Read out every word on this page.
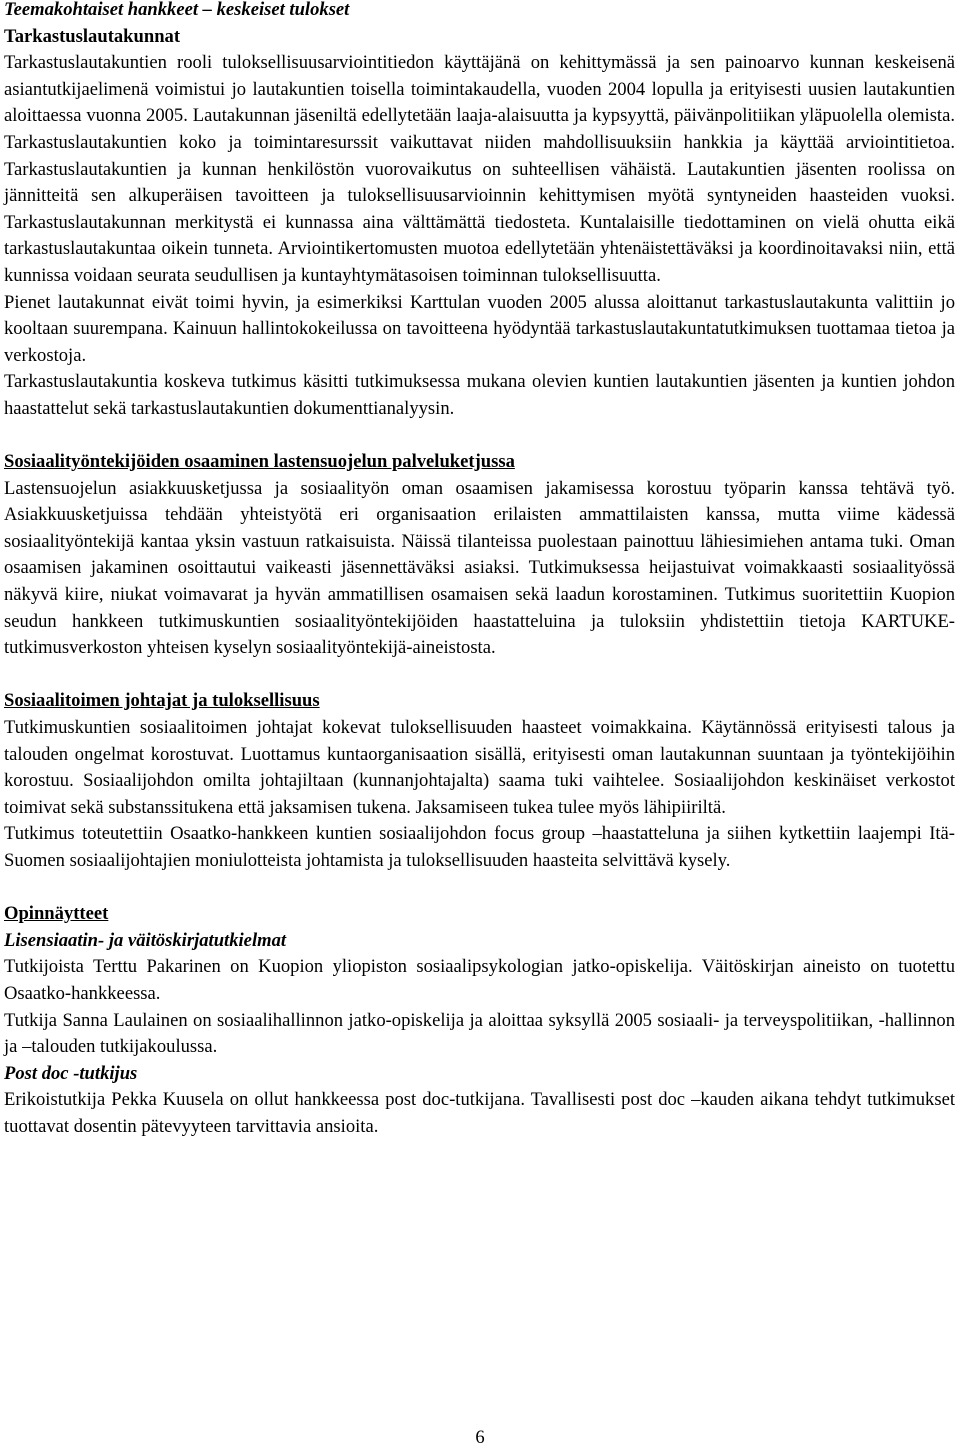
Teemakohtaiset hankkeet – keskeiset tulokset
Tarkastuslautakunnat

Tarkastuslautakuntien rooli tuloksellisuusarviointitiedon käyttäjänä on kehittymässä ja sen painoarvo kunnan keskeisenä asiantutkijaelimenä voimistui jo lautakuntien toisella toimintakaudella, vuoden 2004 lopulla ja erityisesti uusien lautakuntien aloittaessa vuonna 2005. Lautakunnan jäseniltä edellytetään laaja-alaisuutta ja kypsyyttä, päivänpolitiikan yläpuolella olemista. Tarkastuslautakuntien koko ja toimintaresurssit vaikuttavat niiden mahdollisuuksiin hankkia ja käyttää arviointitietoa. Tarkastuslautakuntien ja kunnan henkilöstön vuorovaikutus on suhteellisen vähäistä. Lautakuntien jäsenten roolissa on jännitteitä sen alkuperäisen tavoitteen ja tuloksellisuusarvioinnin kehittymisen myötä syntyneiden haasteiden vuoksi. Tarkastuslautakunnan merkitystä ei kunnassa aina välttämättä tiedosteta. Kuntalaisille tiedottaminen on vielä ohutta eikä tarkastuslautakuntaa oikein tunneta. Arviointikertomusten muotoa edellytetään yhtenäistettäväksi ja koordinoitavaksi niin, että kunnissa voidaan seurata seudullisen ja kuntayhtymätasoisen toiminnan tuloksellisuutta.

Pienet lautakunnat eivät toimi hyvin, ja esimerkiksi Karttulan vuoden 2005 alussa aloittanut tarkastuslautakunta valittiin jo kooltaan suurempana. Kainuun hallintokokeilussa on tavoitteena hyödyntää tarkastuslautakuntatutkimuksen tuottamaa tietoa ja verkostoja.

Tarkastuslautakuntia koskeva tutkimus käsitti tutkimuksessa mukana olevien kuntien lautakuntien jäsenten ja kuntien johdon haastattelut sekä tarkastuslautakuntien dokumenttianalyysin.

Sosiaalityöntekijöiden osaaminen lastensuojelun palveluketjussa

Lastensuojelun asiakkuusketjussa ja sosiaalityön oman osaamisen jakamisessa korostuu työparin kanssa tehtävä työ. Asiakkuusketjuissa tehdään yhteistyötä eri organisaation erilaisten ammattilaisten kanssa, mutta viime kädessä sosiaalityöntekijä kantaa yksin vastuun ratkaisuista. Näissä tilanteissa puolestaan painottuu lähiesimiehen antama tuki. Oman osaamisen jakaminen osoittautui vaikeasti jäsennettäväksi asiaksi. Tutkimuksessa heijastuivat voimakkaasti sosiaalityössä näkyvä kiire, niukat voimavarat ja hyvän ammatillisen osamaisen sekä laadun korostaminen. Tutkimus suoritettiin Kuopion seudun hankkeen tutkimuskuntien sosiaalityöntekijöiden haastatteluina ja tuloksiin yhdistettiin tietoja KARTUKE-tutkimusverkoston yhteisen kyselyn sosiaalityöntekijä-aineistosta.

Sosiaalitoimen johtajat ja tuloksellisuus

Tutkimuskuntien sosiaalitoimen johtajat kokevat tuloksellisuuden haasteet voimakkaina. Käytännössä erityisesti talous ja talouden ongelmat korostuvat. Luottamus kuntaorganisaation sisällä, erityisesti oman lautakunnan suuntaan ja työntekijöihin korostuu. Sosiaalijohdon omilta johtajiltaan (kunnanjohtajalta) saama tuki vaihtelee. Sosiaalijohdon keskinäiset verkostot toimivat sekä substanssitukena että jaksamisen tukena. Jaksamiseen tukea tulee myös lähipiiriltä.

Tutkimus toteutettiin Osaatko-hankkeen kuntien sosiaalijohdon focus group –haastatteluna ja siihen kytkettiin laajempi Itä-Suomen sosiaalijohtajien moniulotteista johtamista ja tuloksellisuuden haasteita selvittävä kysely.

Opinnäytteet
Lisensiaatin- ja väitöskirjatutkielmat

Tutkijoista Terttu Pakarinen on Kuopion yliopiston sosiaalipsykologian jatko-opiskelija. Väitöskirjan aineisto on tuotettu Osaatko-hankkeessa.

Tutkija Sanna Laulainen on sosiaalihallinnon jatko-opiskelija ja aloittaa syksyllä 2005 sosiaali- ja terveyspolitiikan, -hallinnon ja –talouden tutkijakoulussa.

Post doc -tutkijus

Erikoistutkija Pekka Kuusela on ollut hankkeessa post doc-tutkijana. Tavallisesti post doc –kauden aikana tehdyt tutkimukset tuottavat dosentin pätevyyteen tarvittavia ansioita.

6
